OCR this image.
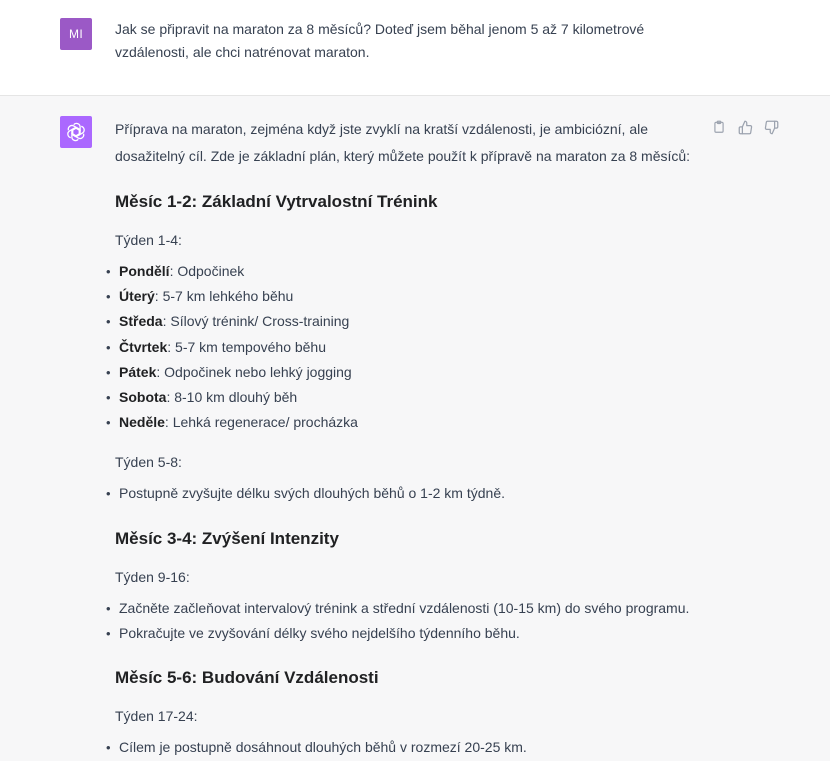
MI	Jak se připravit na maraton za 8 měsíců? Doteď jsem běhal jenom 5 až 7 kilometrové vzdálenosti, ale chci natrénovat maraton.

Příprava na maraton, zejména když jste zvyklí na kratší vzdálenosti, je ambiciózní, ale dosažitelný cíl. Zde je základní plán, který můžete použít k přípravě na maraton za 8 měsíců:

Měsíc 1-2: Základní Vytrvalostní Trénink

Týden 1-4:

• Pondělí: Odpočinek
• Úterý: 5-7 km lehkého běhu
• Středa: Sílový trénink/ Cross-training
• Čtvrtek: 5-7 km tempového běhu
• Pátek: Odpočinek nebo lehký jogging
• Sobota: 8-10 km dlouhý běh
• Neděle: Lehká regenerace/ procházka

Týden 5-8:

• Postupně zvyšujte délku svých dlouhých běhů o 1-2 km týdně.
Měsíc 3-4: Zvýšení Intenzity

Týden 9-16:

• Začněte začleňovat intervalový trénink a střední vzdálenosti (10-15 km) do svého programu.
• Pokračujte ve zvyšování délky svého nejdelšího týdenního běhu.
Měsíc 5-6: Budování Vzdálenosti

Týden 17-24:

• Cílem je postupně dosáhnout dlouhých běhů v rozmezí 20-25 km.
